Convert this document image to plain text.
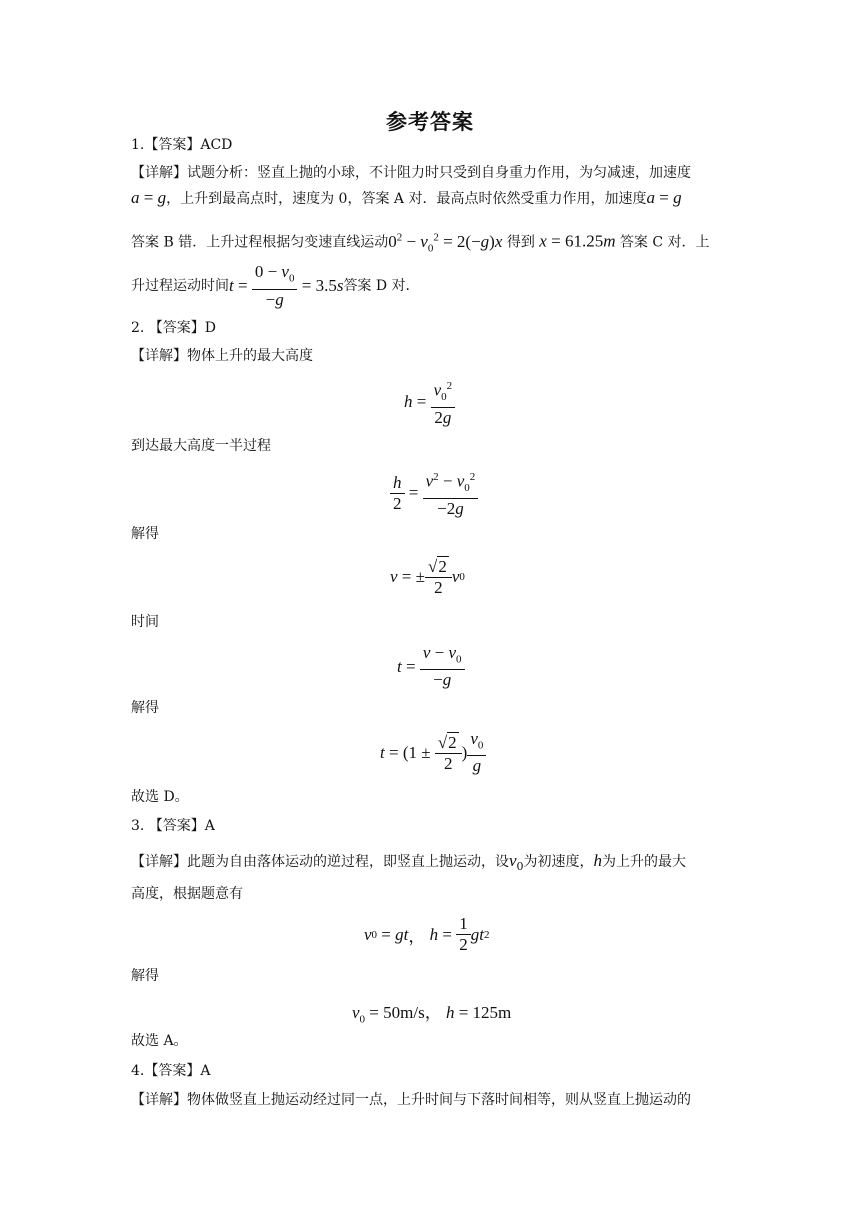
参考答案
1.【答案】ACD
【详解】试题分析：竖直上抛的小球，不计阻力时只受到自身重力作用，为匀减速，加速度
a = g，上升到最高点时，速度为 0，答案 A 对．最高点时依然受重力作用，加速度a = g
答案 B 错．上升过程根据匀变速直线运动$0^2 - v_0^2 = 2(-g)x$ 得到 x = 61.25m 答案 C 对．上
升过程运动时间 $t = \frac{0 - v_0}{-g} = 3.5s$ 答案 D 对．
2. 【答案】D
【详解】物体上升的最大高度
$h = \frac{v_0^2}{2g}$
到达最大高度一半过程
$\frac{h}{2} = \frac{v^2 - v_0^2}{-2g}$
解得
v = ± $\frac{√2}{2}$ v 0
时间
$t = \frac{v - v_0}{-g}$
解得
$t = (1 \pm \frac{√2}{2}$ ) $\frac{v_0}{g}$
故选 D。
3. 【答案】A
【详解】此题为自由落体运动的逆过程，即竖直上抛运动，设$v_0$为初速度，h为上升的最大
高度，根据题意有
v 0 = gt ， $h = \frac{1}{2}$ gt 2
解得
$v_0 = 50m/s$， h = 125m
故选 A。
4.【答案】A
【详解】物体做竖直上抛运动经过同一点，上升时间与下落时间相等，则从竖直上抛运动的
